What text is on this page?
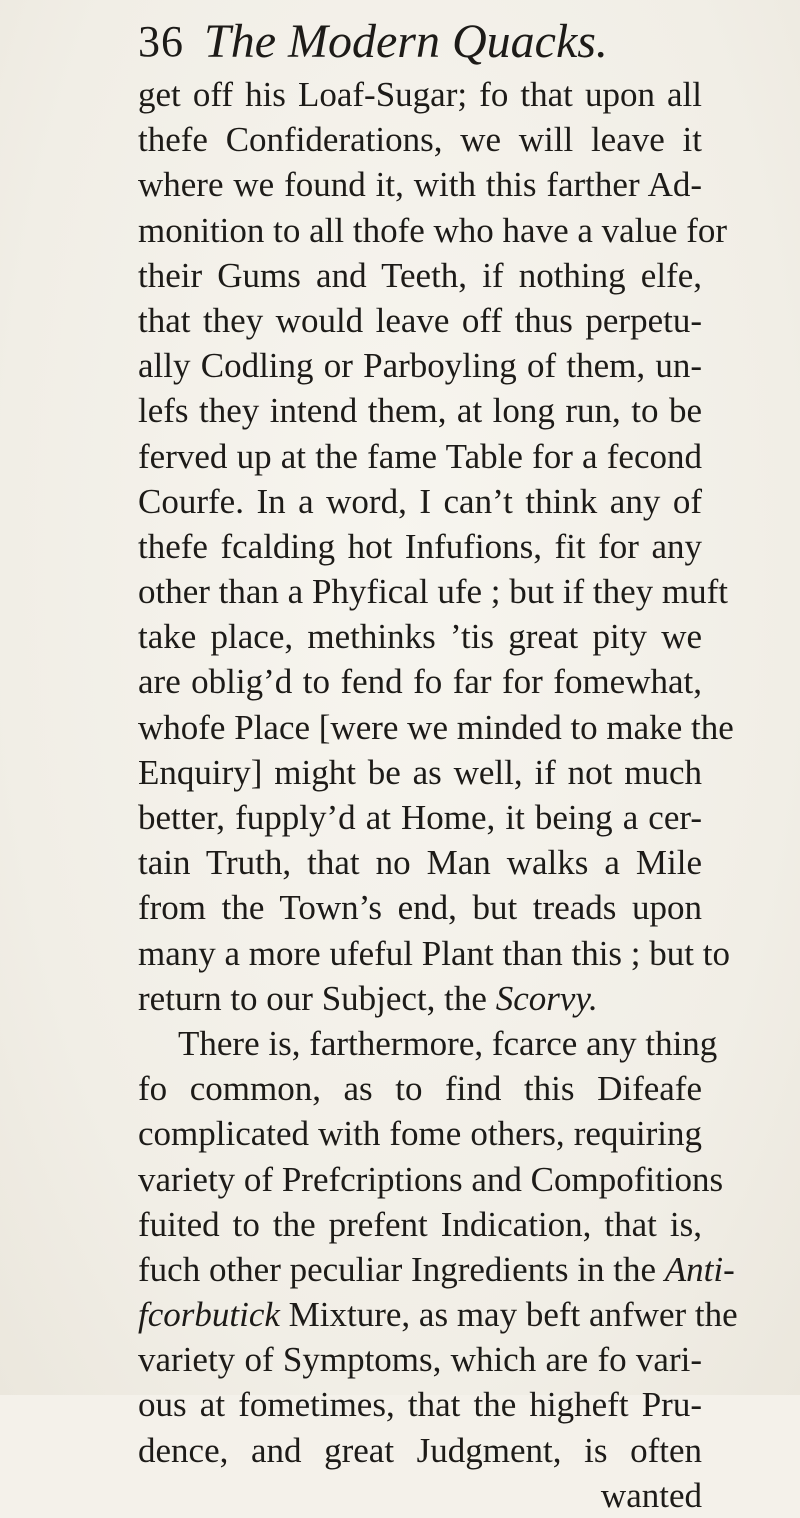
36 The Modern Quacks.
get off his Loaf-Sugar; fo that upon all
thefe Confiderations, we will leave it
where we found it, with this farther Ad-
monition to all thofe who have a value for
their Gums and Teeth, if nothing elfe,
that they would leave off thus perpetu-
ally Codling or Parboyling of them, un-
lefs they intend them, at long run, to be
ferved up at the fame Table for a fecond
Courfe. In a word, I can’t think any of
thefe fcalding hot Infufions, fit for any
other than a Phyfical ufe ; but if they muft
take place, methinks ’tis great pity we
are oblig’d to fend fo far for fomewhat,
whofe Place [were we minded to make the
Enquiry] might be as well, if not much
better, fupply’d at Home, it being a cer-
tain Truth, that no Man walks a Mile
from the Town’s end, but treads upon
many a more ufeful Plant than this ; but to
return to our Subject, the Scorvy.
There is, farthermore, fcarce any thing
fo common, as to find this Difeafe
complicated with fome others, requiring
variety of Prefcriptions and Compofitions
fuited to the prefent Indication, that is,
fuch other peculiar Ingredients in the Anti-
fcorbutick Mixture, as may beft anfwer the
variety of Symptoms, which are fo vari-
ous at fometimes, that the higheft Pru-
dence, and great Judgment, is often
wanted
